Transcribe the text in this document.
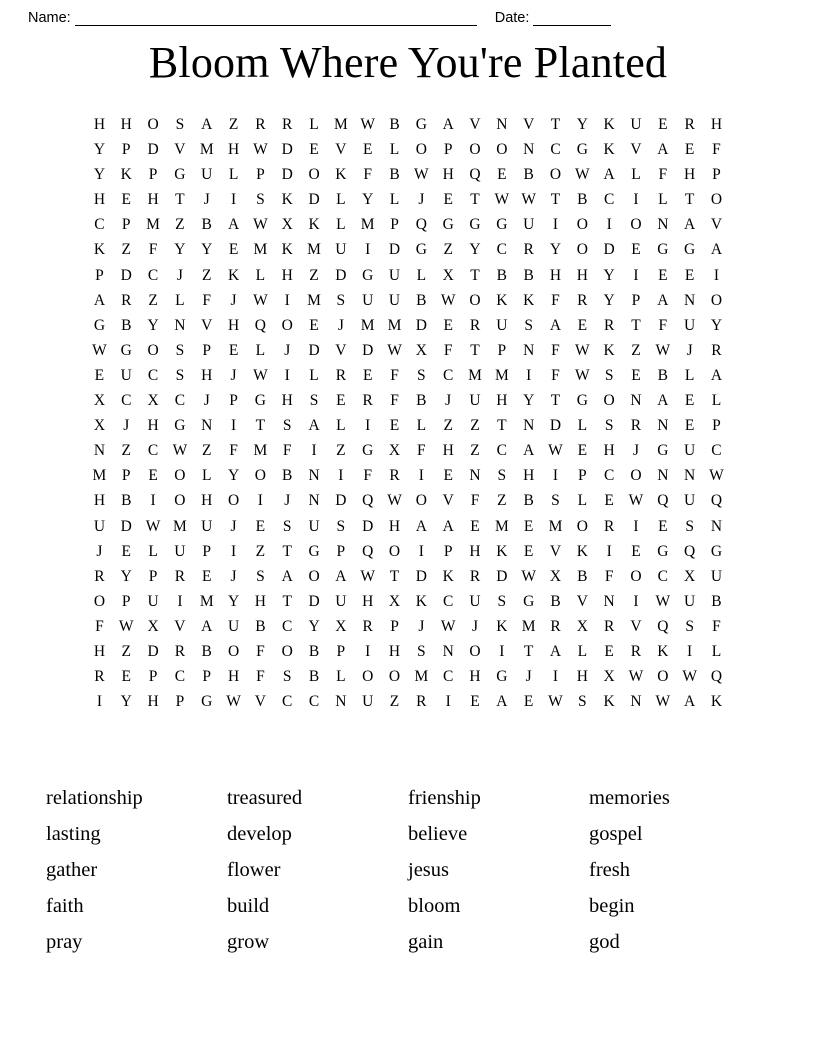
Name:	Date:
Bloom Where You're Planted
H	H	O	S	A	Z	R	R	L M W B	G	A	V	N	V	T	Y	K	U	E	R	H
Y	P	D	V M H W D	E	V	E	L	O	P	O	O	N	C	G	K	V	A	E	F
Y	K	P	G	U	L	P	D	O	K	F	B W H	Q	E	B	O W A	L	F	H	P
H	E	H	T	J	I	S	K	D	L	Y	L	J	E	T W W T	B	C	I	L	T	O
C	P	M Z	B	A W X	K	L M	P	Q	G	G	G	U	I	O	I	O	N	A	V
K	Z	F	Y	Y	E M K M U	I	D	G	Z	Y	C	R	Y	O	D	E	G	G	A
P	D	C	J	Z	K	L	H	Z	D	G	U	L	X	T	B	B	H	H	Y	I	E	E	I
A	R	Z	L	F	J	W	I	M	S	U	U	B W O	K	K	F	R	Y	P	A	N	O
G	B	Y	N	V	H	Q	O	E	J	M M D	E	R	U	S	A	E	R	T	F	U	Y
W G	O	S	P	E	L	J	D	V	D W X	F	T	P	N	F W K	Z W	J	R
E	U	C	S	H	J	W	I	L	R	E	F	S	C M M	I	F W S	E	B	L	A
X	C	X	C	J	P	G	H	S	E	R	F	B	J	U	H	Y	T	G	O	N	A	E	L
X	J	H	G	N	I	T	S	A	L	I	E	L	Z	Z	T	N	D	L	S	R	N	E	P
N	Z	C W Z	F	M	F	I	Z	G	X	F	H	Z	C	A W E	H	J	G	U	C
M	P	E	O	L	Y	O	B	N	I	F	R	I	E	N	S	H	I	P	C	O	N	N W
H	B	I	O	H	O	I	J	N	D	Q W O	V	F	Z	B	S	L	E W Q	U	Q
U	D W M U	J	E	S	U	S	D	H	A	A	E M E M O	R	I	E	S	N
J	E	L	U	P	I	Z	T	G	P	Q	O	I	P	H	K	E	V	K	I	E	G	Q	G
R	Y	P	R	E	J	S	A	O	A W T	D	K	R	D W X	B	F	O	C	X	U
O	P	U	I	M Y	H	T	D	U	H	X	K	C	U	S	G	B	V	N	I	W U	B
F W X	V	A	U	B	C	Y	X	R	P	J	W	J	K M R	X	R	V	Q	S	F
H	Z	D	R	B	O	F	O	B	P	I	H	S	N	O	I	T	A	L	E	R	K	I	L
R	E	P	C	P	H	F	S	B	L	O	O M C	H	G	J	I	H	X W O W Q
I	Y	H	P	G W V	C	C	N	U	Z	R	I	E	A	E W S	K	N W A	K
relationship	treasured	frienship	memories
lasting	develop	believe	gospel
gather	flower	jesus	fresh
faith	build	bloom	begin
pray	grow	gain	god
